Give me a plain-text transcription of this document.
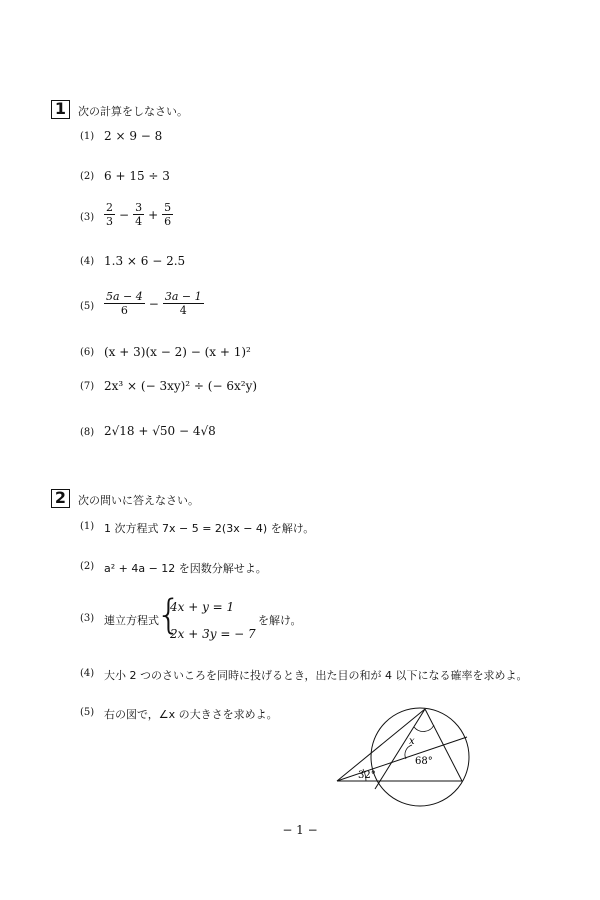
1	次の計算をしなさい。
(1) 2 × 9 − 8
(2) 6 + 15 ÷ 3
$(3) \frac{2}{3} - \frac{3}{4} + \frac{5}{6}$
(4) 1.3 × 6 − 2.5
$(5) \frac{5a - 4}{6} - \frac{3a - 1}{4}$
(6) (x + 3)(x − 2) − (x + 1)²
(7) 2x³ × (− 3xy)² ÷ (− 6x²y)
(8) 2√18 + √50 − 4√8
2	次の問いに答えなさい。
(1) 1 次方程式 7x − 5 = 2(3x − 4) を解け。
(2) a² + 4a − 12 を因数分解せよ。
(3) 連立方程式
{
4x + y = 1
2x + 3y = − 7
を解け。
(4) 大小 2 つのさいころを同時に投げるとき，出た目の和が 4 以下になる確率を求めよ。
(5) 右の図で，∠x の大きさを求めよ。
x
68°
32°
− 1 −
